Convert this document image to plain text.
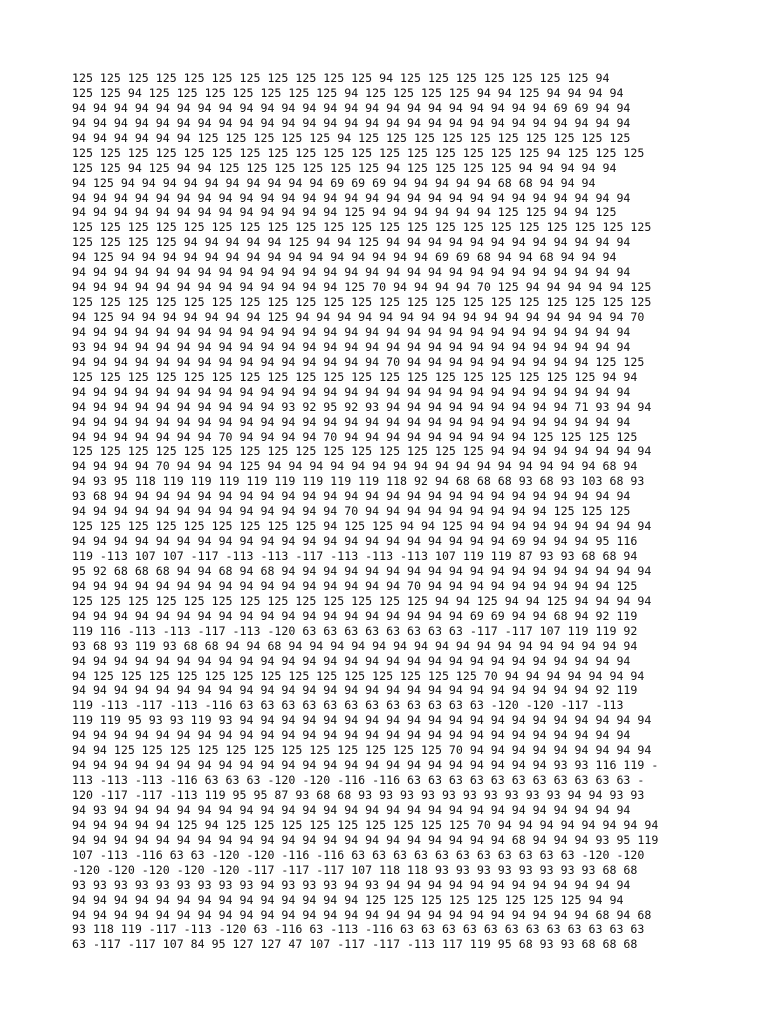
125 125 125 125 125 125 125 125 125 125 125 94 125 125 125 125 125 125 125 94
125 125 94 125 125 125 125 125 125 125 94 125 125 125 125 94 94 125 94 94 94 94
94 94 94 94 94 94 94 94 94 94 94 94 94 94 94 94 94 94 94 94 94 94 94 69 69 94 94
94 94 94 94 94 94 94 94 94 94 94 94 94 94 94 94 94 94 94 94 94 94 94 94 94 94 94
94 94 94 94 94 94 125 125 125 125 125 94 125 125 125 125 125 125 125 125 125 125
125 125 125 125 125 125 125 125 125 125 125 125 125 125 125 125 125 94 125 125 125
125 125 94 125 94 94 125 125 125 125 125 125 94 125 125 125 125 94 94 94 94 94
94 125 94 94 94 94 94 94 94 94 94 94 69 69 69 94 94 94 94 94 68 68 94 94 94
94 94 94 94 94 94 94 94 94 94 94 94 94 94 94 94 94 94 94 94 94 94 94 94 94 94 94
94 94 94 94 94 94 94 94 94 94 94 94 94 125 94 94 94 94 94 94 125 125 94 94 125
125 125 125 125 125 125 125 125 125 125 125 125 125 125 125 125 125 125 125 125 125
125 125 125 125 94 94 94 94 94 125 94 94 125 94 94 94 94 94 94 94 94 94 94 94 94
94 125 94 94 94 94 94 94 94 94 94 94 94 94 94 94 94 69 69 68 94 94 68 94 94 94
94 94 94 94 94 94 94 94 94 94 94 94 94 94 94 94 94 94 94 94 94 94 94 94 94 94 94
94 94 94 94 94 94 94 94 94 94 94 94 94 125 70 94 94 94 94 70 125 94 94 94 94 94 125
125 125 125 125 125 125 125 125 125 125 125 125 125 125 125 125 125 125 125 125 125
94 125 94 94 94 94 94 94 94 125 94 94 94 94 94 94 94 94 94 94 94 94 94 94 94 94 70
94 94 94 94 94 94 94 94 94 94 94 94 94 94 94 94 94 94 94 94 94 94 94 94 94 94 94
93 94 94 94 94 94 94 94 94 94 94 94 94 94 94 94 94 94 94 94 94 94 94 94 94 94 94
94 94 94 94 94 94 94 94 94 94 94 94 94 94 94 70 94 94 94 94 94 94 94 94 94 125 125
125 125 125 125 125 125 125 125 125 125 125 125 125 125 125 125 125 125 125 94 94
94 94 94 94 94 94 94 94 94 94 94 94 94 94 94 94 94 94 94 94 94 94 94 94 94 94 94
94 94 94 94 94 94 94 94 94 94 93 92 95 92 93 94 94 94 94 94 94 94 94 94 71 93 94 94
94 94 94 94 94 94 94 94 94 94 94 94 94 94 94 94 94 94 94 94 94 94 94 94 94 94 94
94 94 94 94 94 94 94 70 94 94 94 94 70 94 94 94 94 94 94 94 94 94 125 125 125 125
125 125 125 125 125 125 125 125 125 125 125 125 125 125 125 94 94 94 94 94 94 94 94
94 94 94 94 70 94 94 94 125 94 94 94 94 94 94 94 94 94 94 94 94 94 94 94 94 68 94
94 93 95 118 119 119 119 119 119 119 119 119 118 92 94 68 68 68 93 68 93 103 68 93
93 68 94 94 94 94 94 94 94 94 94 94 94 94 94 94 94 94 94 94 94 94 94 94 94 94 94
94 94 94 94 94 94 94 94 94 94 94 94 94 70 94 94 94 94 94 94 94 94 94 125 125 125
125 125 125 125 125 125 125 125 125 94 125 125 94 94 125 94 94 94 94 94 94 94 94 94
94 94 94 94 94 94 94 94 94 94 94 94 94 94 94 94 94 94 94 94 94 69 94 94 94 95 116
119 -113 107 107 -117 -113 -113 -117 -113 -113 -113 107 119 119 87 93 93 68 68 94
95 92 68 68 68 94 94 68 94 68 94 94 94 94 94 94 94 94 94 94 94 94 94 94 94 94 94 94
94 94 94 94 94 94 94 94 94 94 94 94 94 94 94 94 70 94 94 94 94 94 94 94 94 94 125
125 125 125 125 125 125 125 125 125 125 125 125 125 94 94 125 94 94 125 94 94 94 94
94 94 94 94 94 94 94 94 94 94 94 94 94 94 94 94 94 94 94 69 69 94 94 68 94 92 119
119 116 -113 -113 -117 -113 -120 63 63 63 63 63 63 63 63 -117 -117 107 119 119 92
93 68 93 119 93 68 68 94 94 68 94 94 94 94 94 94 94 94 94 94 94 94 94 94 94 94 94
94 94 94 94 94 94 94 94 94 94 94 94 94 94 94 94 94 94 94 94 94 94 94 94 94 94 94
94 125 125 125 125 125 125 125 125 125 125 125 125 125 125 70 94 94 94 94 94 94 94
94 94 94 94 94 94 94 94 94 94 94 94 94 94 94 94 94 94 94 94 94 94 94 94 94 92 119
119 -113 -117 -113 -116 63 63 63 63 63 63 63 63 63 63 63 63 -120 -120 -117 -113
119 119 95 93 93 119 93 94 94 94 94 94 94 94 94 94 94 94 94 94 94 94 94 94 94 94 94
94 94 94 94 94 94 94 94 94 94 94 94 94 94 94 94 94 94 94 94 94 94 94 94 94 94 94
94 94 125 125 125 125 125 125 125 125 125 125 125 125 70 94 94 94 94 94 94 94 94 94
94 94 94 94 94 94 94 94 94 94 94 94 94 94 94 94 94 94 94 94 94 94 94 93 93 116 119 -
113 -113 -113 -116 63 63 63 -120 -120 -116 -116 63 63 63 63 63 63 63 63 63 63 63 -
120 -117 -117 -113 119 95 95 87 93 68 68 93 93 93 93 93 93 93 93 93 93 94 94 93 93
94 93 94 94 94 94 94 94 94 94 94 94 94 94 94 94 94 94 94 94 94 94 94 94 94 94 94
94 94 94 94 94 125 94 125 125 125 125 125 125 125 125 125 70 94 94 94 94 94 94 94 94
94 94 94 94 94 94 94 94 94 94 94 94 94 94 94 94 94 94 94 94 94 68 94 94 94 93 95 119
107 -113 -116 63 63 -120 -120 -116 -116 63 63 63 63 63 63 63 63 63 63 63 -120 -120
-120 -120 -120 -120 -120 -117 -117 -117 107 118 118 93 93 93 93 93 93 93 93 68 68
93 93 93 93 93 93 93 93 93 94 93 93 93 94 93 94 94 94 94 94 94 94 94 94 94 94 94
94 94 94 94 94 94 94 94 94 94 94 94 94 94 125 125 125 125 125 125 125 125 94 94
94 94 94 94 94 94 94 94 94 94 94 94 94 94 94 94 94 94 94 94 94 94 94 94 94 68 94 68
93 118 119 -117 -113 -120 63 -116 63 -113 -116 63 63 63 63 63 63 63 63 63 63 63 63
63 -117 -117 107 84 95 127 127 47 107 -117 -117 -113 117 119 95 68 93 93 68 68 68
